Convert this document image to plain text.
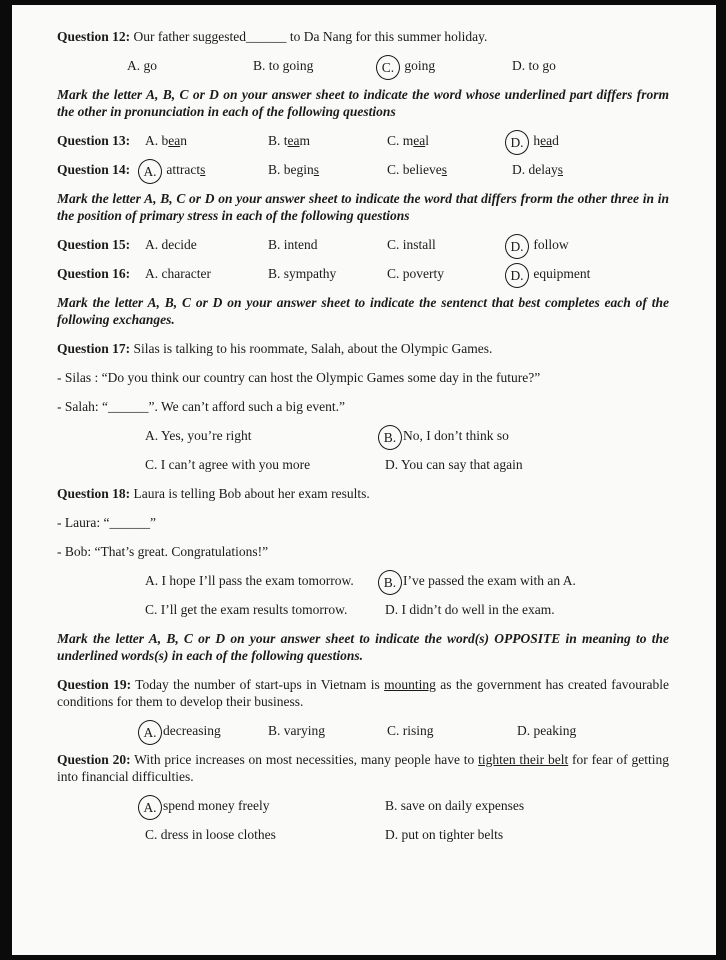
Question 12: Our father suggested______ to Da Nang for this summer holiday.

A. go	B. to going	C. going	D. to go

Mark the letter A, B, C or D on your answer sheet to indicate the word whose underlined part differs frorm the other in pronunciation in each of the following questions

Question 13:	A. bean	B. team	C. meal	D. head
Question 14: A. attracts	B. begins	C. believes	D. delays

Mark the letter A, B, C or D on your answer sheet to indicate the word that differs frorm the other three in in the position of primary stress in each of the following questions

Question 15:	A. decide	B. intend	C. install	D. follow
Question 16:	A. character	B. sympathy	C. poverty	D. equipment

Mark the letter A, B, C or D on your answer sheet to indicate the sentenct that best completes each of the following exchanges.

Question 17: Silas is talking to his roommate, Salah, about the Olympic Games.

- Silas : “Do you think our country can host the Olympic Games some day in the future?”

- Salah: “______”. We can’t afford such a big event.”

A. Yes, you’re right	B. No, I don’t think so
C. I can’t agree with you more	D. You can say that again

Question 18: Laura is telling Bob about her exam results.

- Laura: “______”

- Bob: “That’s great. Congratulations!”

A. I hope I’ll pass the exam tomorrow.	B. I’ve passed the exam with an A.
C. I’ll get the exam results tomorrow.	D. I didn’t do well in the exam.

Mark the letter A, B, C or D on your answer sheet to indicate the word(s) OPPOSITE in meaning to the underlined words(s) in each of the following questions.

Question 19: Today the number of start-ups in Vietnam is mounting as the government has created favourable conditions for them to develop their business.

A. decreasing	B. varying	C. rising	D. peaking

Question 20: With price increases on most necessities, many people have to tighten their belt for fear of getting into financial difficulties.

A. spend money freely	B. save on daily expenses
C. dress in loose clothes	D. put on tighter belts
